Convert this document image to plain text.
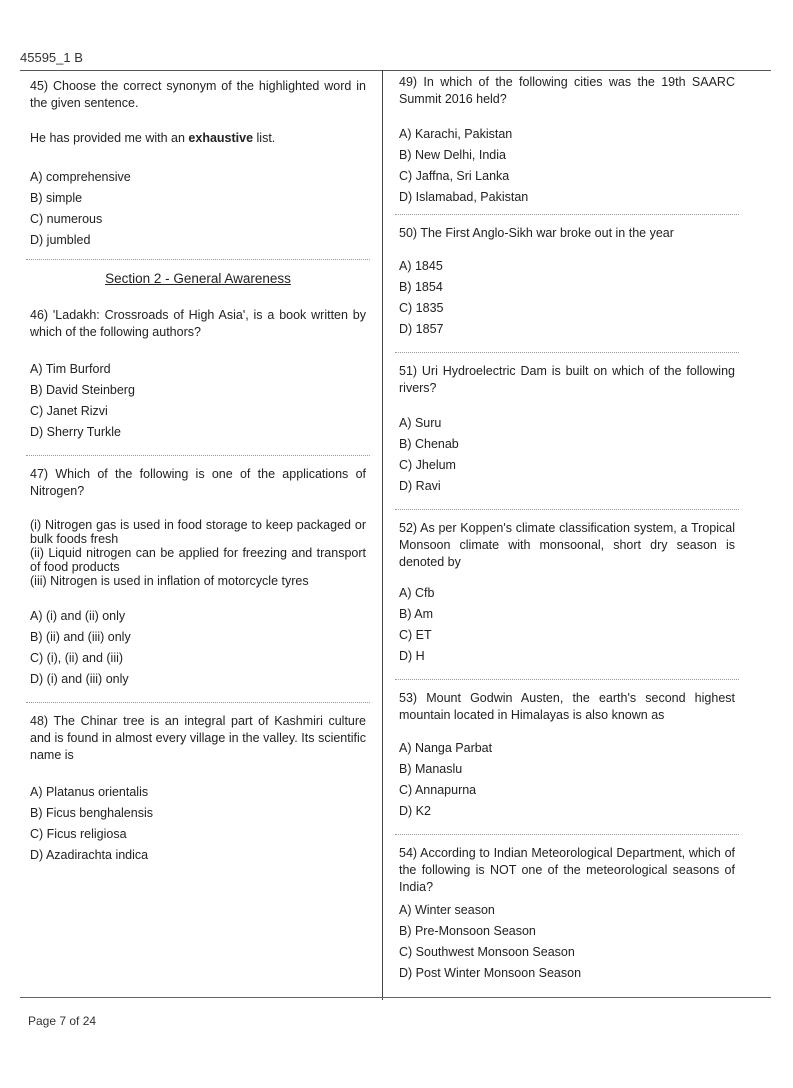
45595_1 B

45) Choose the correct synonym of the highlighted word in the given sentence.

He has provided me with an exhaustive list.

A) comprehensive
B) simple
C) numerous
D) jumbled
Section 2 - General Awareness

46) 'Ladakh: Crossroads of High Asia', is a book written by which of the following authors?

A) Tim Burford
B) David Steinberg
C) Janet Rizvi
D) Sherry Turkle

47) Which of the following is one of the applications of Nitrogen?

(i) Nitrogen gas is used in food storage to keep packaged or bulk foods fresh

(ii) Liquid nitrogen can be applied for freezing and transport of food products

(iii) Nitrogen is used in inflation of motorcycle tyres

A) (i) and (ii) only
B) (ii) and (iii) only
C) (i), (ii) and (iii)
D) (i) and (iii) only

48) The Chinar tree is an integral part of Kashmiri culture and is found in almost every village in the valley. Its scientific name is

A) Platanus orientalis
B) Ficus benghalensis
C) Ficus religiosa
D) Azadirachta indica

49) In which of the following cities was the 19th SAARC Summit 2016 held?

A) Karachi, Pakistan
B) New Delhi, India
C) Jaffna, Sri Lanka
D) Islamabad, Pakistan

50) The First Anglo-Sikh war broke out in the year

A) 1845
B) 1854
C) 1835
D) 1857

51) Uri Hydroelectric Dam is built on which of the following rivers?

A) Suru
B) Chenab
C) Jhelum
D) Ravi

52) As per Koppen's climate classification system, a Tropical Monsoon climate with monsoonal, short dry season is denoted by

A) Cfb
B) Am
C) ET
D) H

53) Mount Godwin Austen, the earth's second highest mountain located in Himalayas is also known as

A) Nanga Parbat
B) Manaslu
C) Annapurna
D) K2

54) According to Indian Meteorological Department, which of the following is NOT one of the meteorological seasons of India?

A) Winter season
B) Pre-Monsoon Season
C) Southwest Monsoon Season
D) Post Winter Monsoon Season
Page 7 of 24
